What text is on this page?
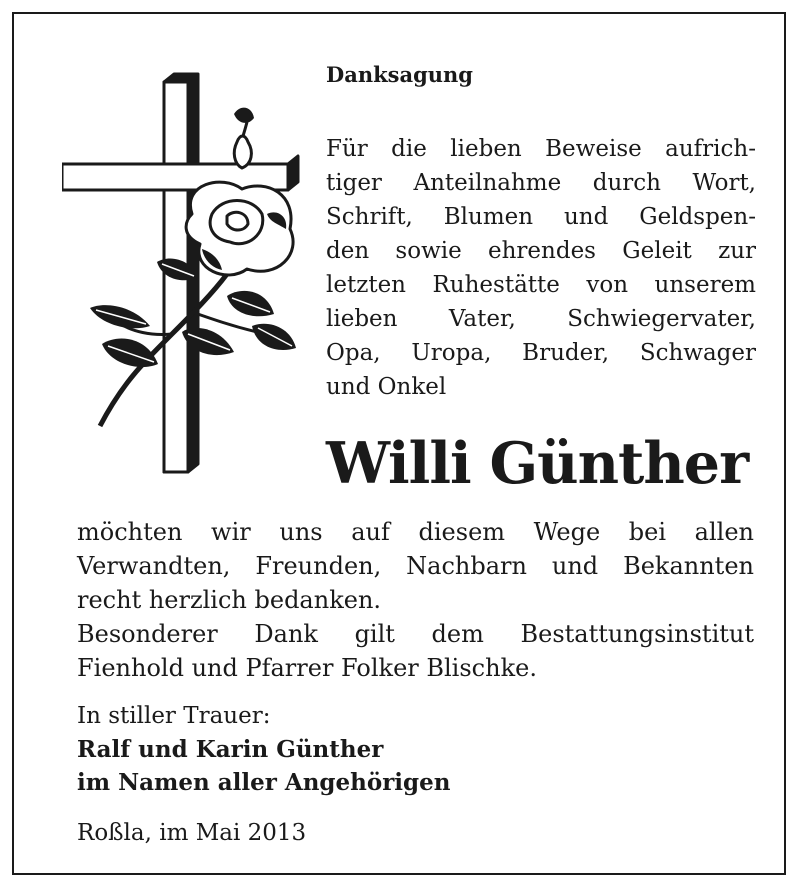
Danksagung
Für die lieben Beweise aufrich-
tiger Anteilnahme durch Wort,
Schrift, Blumen und Geldspen-
den sowie ehrendes Geleit zur
letzten Ruhestätte von unserem
lieben Vater, Schwiegervater,
Opa, Uropa, Bruder, Schwager
und Onkel
Willi Günther
möchten wir uns auf diesem Wege bei allen
Verwandten, Freunden, Nachbarn und Bekannten
recht herzlich bedanken.
Besonderer Dank gilt dem Bestattungsinstitut
Fienhold und Pfarrer Folker Blischke.
In stiller Trauer:
Ralf und Karin Günther
im Namen aller Angehörigen
Roßla, im Mai 2013
